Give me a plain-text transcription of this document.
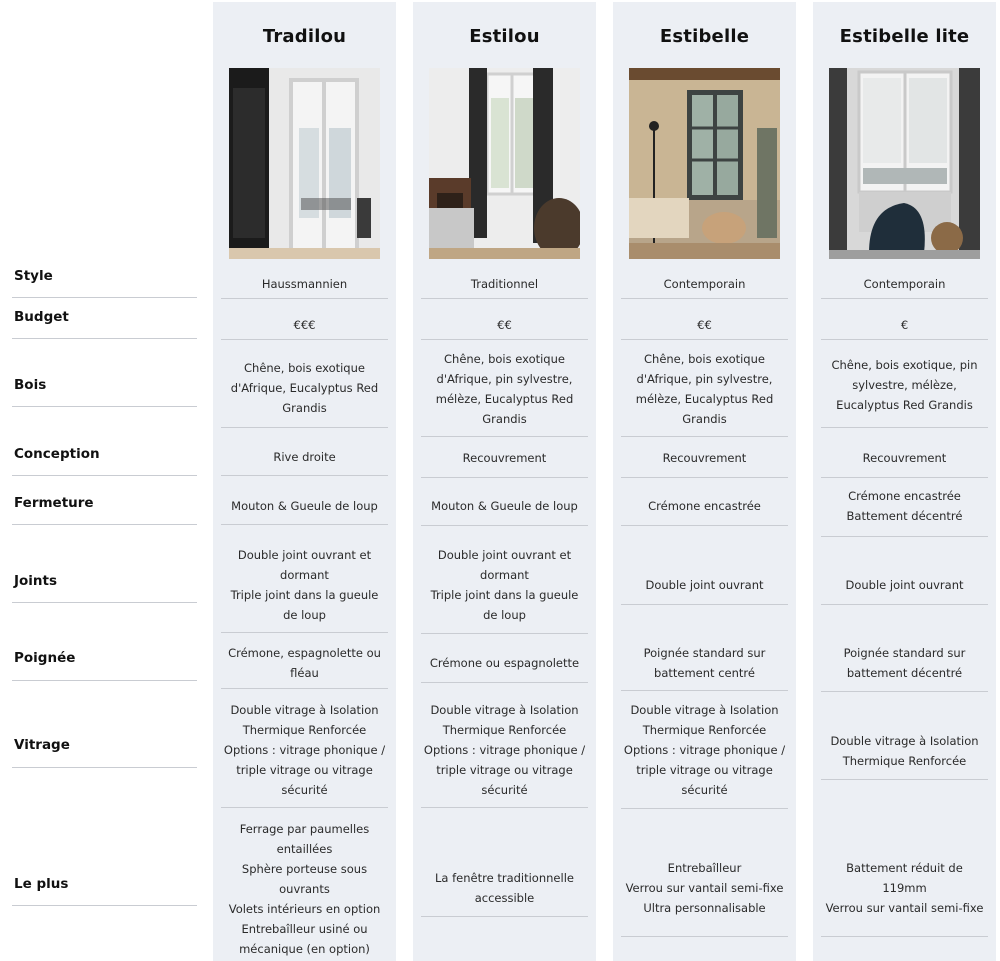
Style
Budget
Bois
Conception
Fermeture
Joints
Poignée
Vitrage
Le plus
Tradilou
Haussmannien
€€€
Chêne, bois exotique d'Afrique, Eucalyptus Red Grandis
Rive droite
Mouton & Gueule de loup
Double joint ouvrant et dormant
Triple joint dans la gueule de loup
Crémone, espagnolette ou fléau
Double vitrage à Isolation Thermique Renforcée
Options : vitrage phonique / triple vitrage ou vitrage sécurité
Ferrage par paumelles entaillées
Sphère porteuse sous ouvrants
Volets intérieurs en option
Entrebaîlleur usiné ou mécanique (en option)
Estilou
Traditionnel
€€
Chêne, bois exotique d'Afrique, pin sylvestre, mélèze, Eucalyptus Red Grandis
Recouvrement
Mouton & Gueule de loup
Double joint ouvrant et dormant
Triple joint dans la gueule de loup
Crémone ou espagnolette
Double vitrage à Isolation Thermique Renforcée
Options : vitrage phonique / triple vitrage ou vitrage sécurité
La fenêtre traditionnelle accessible
Estibelle
Contemporain
€€
Chêne, bois exotique d'Afrique, pin sylvestre, mélèze, Eucalyptus Red Grandis
Recouvrement
Crémone encastrée
Double joint ouvrant
Poignée standard sur battement centré
Double vitrage à Isolation Thermique Renforcée
Options : vitrage phonique / triple vitrage ou vitrage sécurité
Entrebaîlleur
Verrou sur vantail semi-fixe
Ultra personnalisable
Estibelle lite
Contemporain
€
Chêne, bois exotique, pin sylvestre, mélèze, Eucalyptus Red Grandis
Recouvrement
Crémone encastrée
Battement décentré
Double joint ouvrant
Poignée standard sur battement décentré
Double vitrage à Isolation Thermique Renforcée
Battement réduit de 119mm
Verrou sur vantail semi-fixe
